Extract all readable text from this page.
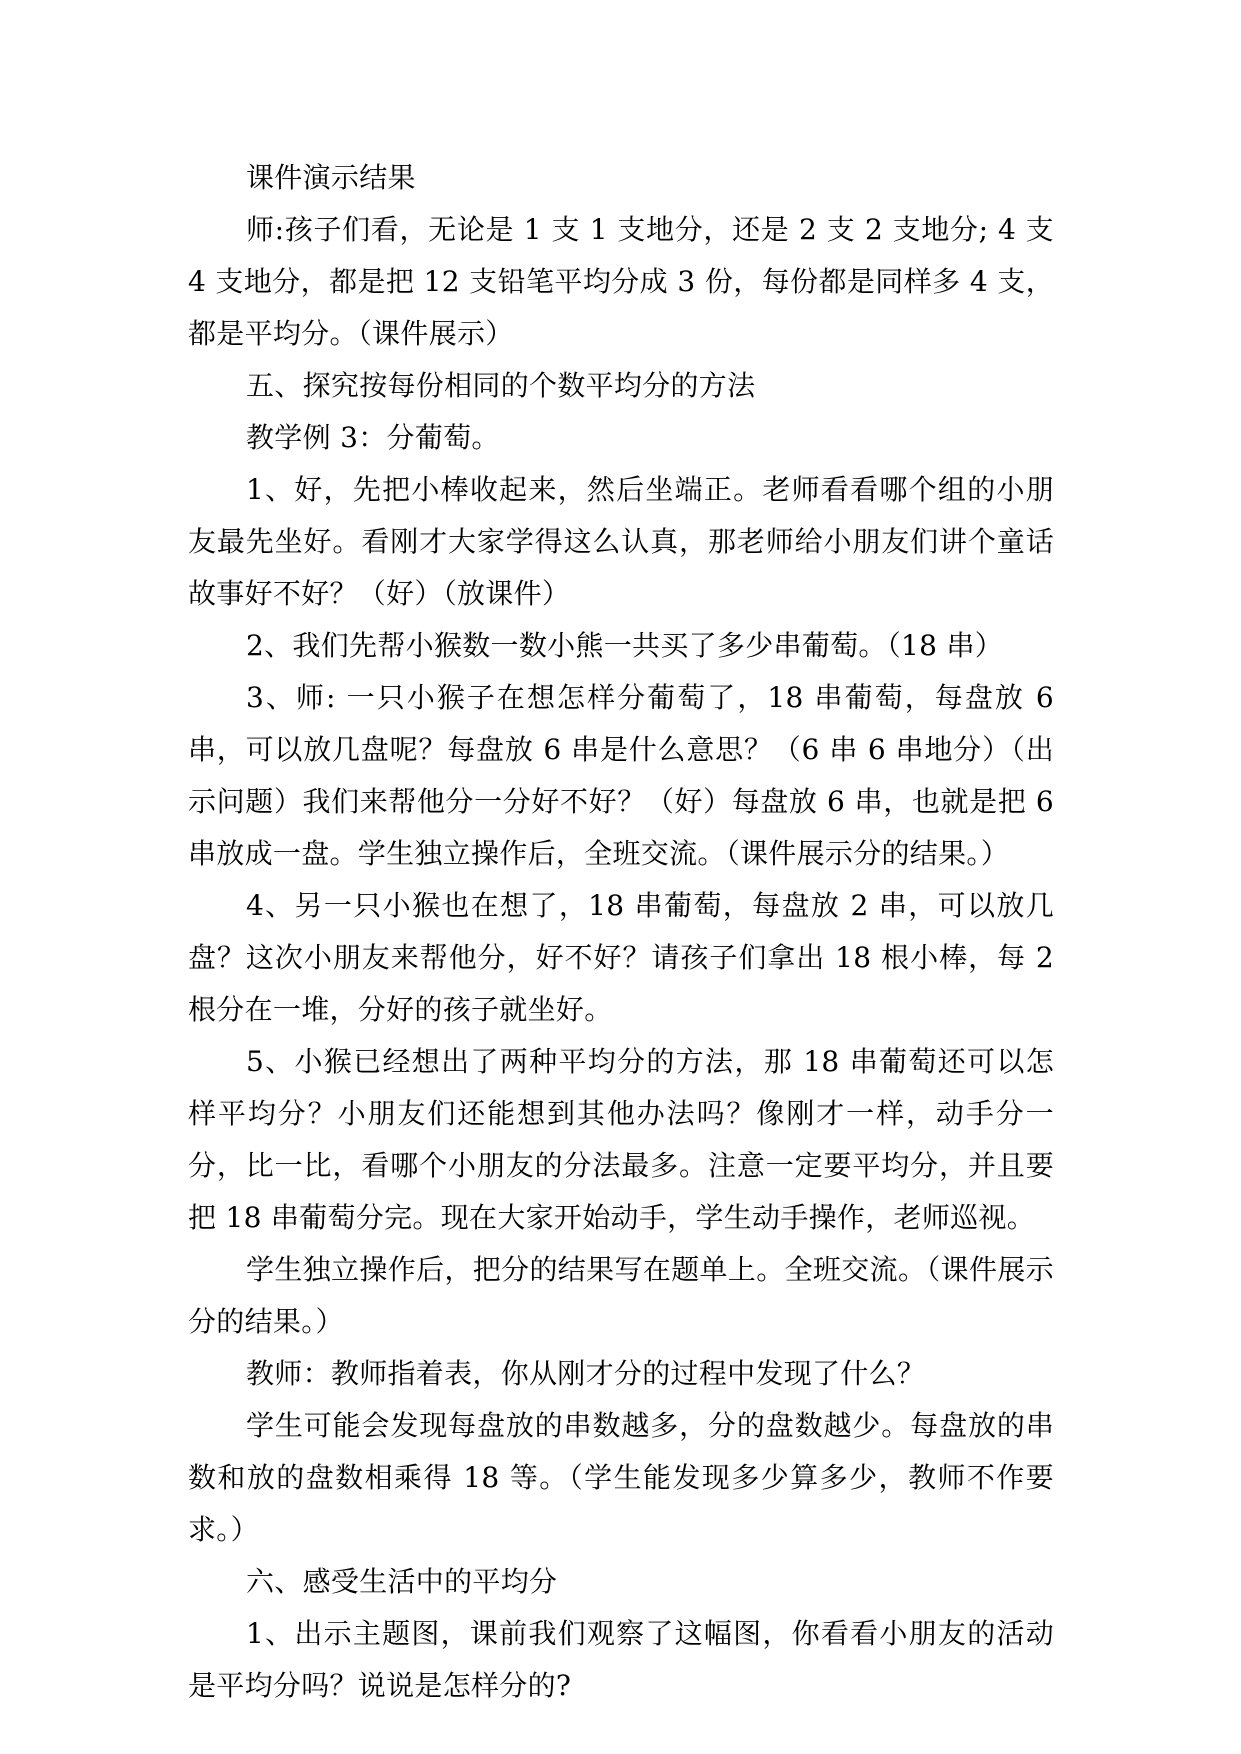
课件演示结果

师:孩子们看，无论是 1 支 1 支地分，还是 2 支 2 支地分; 4 支 4 支地分，都是把 12 支铅笔平均分成 3 份，每份都是同样多 4 支，都是平均分。（课件展示）

五、探究按每份相同的个数平均分的方法

教学例 3：分葡萄。

1、好，先把小棒收起来，然后坐端正。老师看看哪个组的小朋友最先坐好。看刚才大家学得这么认真，那老师给小朋友们讲个童话故事好不好？（好）（放课件）

2、我们先帮小猴数一数小熊一共买了多少串葡萄。（18 串）

3、师: 一只小猴子在想怎样分葡萄了，18 串葡萄，每盘放 6 串，可以放几盘呢？每盘放 6 串是什么意思？（6 串 6 串地分）（出示问题）我们来帮他分一分好不好？（好）每盘放 6 串，也就是把 6 串放成一盘。学生独立操作后，全班交流。（课件展示分的结果。）

4、另一只小猴也在想了，18 串葡萄，每盘放 2 串，可以放几盘？这次小朋友来帮他分，好不好？请孩子们拿出 18 根小棒，每 2 根分在一堆，分好的孩子就坐好。

5、小猴已经想出了两种平均分的方法，那 18 串葡萄还可以怎样平均分？小朋友们还能想到其他办法吗？像刚才一样，动手分一分，比一比，看哪个小朋友的分法最多。注意一定要平均分，并且要把 18 串葡萄分完。现在大家开始动手，学生动手操作，老师巡视。

学生独立操作后，把分的结果写在题单上。全班交流。（课件展示分的结果。）

教师：教师指着表，你从刚才分的过程中发现了什么？

学生可能会发现每盘放的串数越多，分的盘数越少。每盘放的串数和放的盘数相乘得 18 等。（学生能发现多少算多少，教师不作要求。）

六、感受生活中的平均分

1、出示主题图，课前我们观察了这幅图，你看看小朋友的活动是平均分吗？说说是怎样分的?
